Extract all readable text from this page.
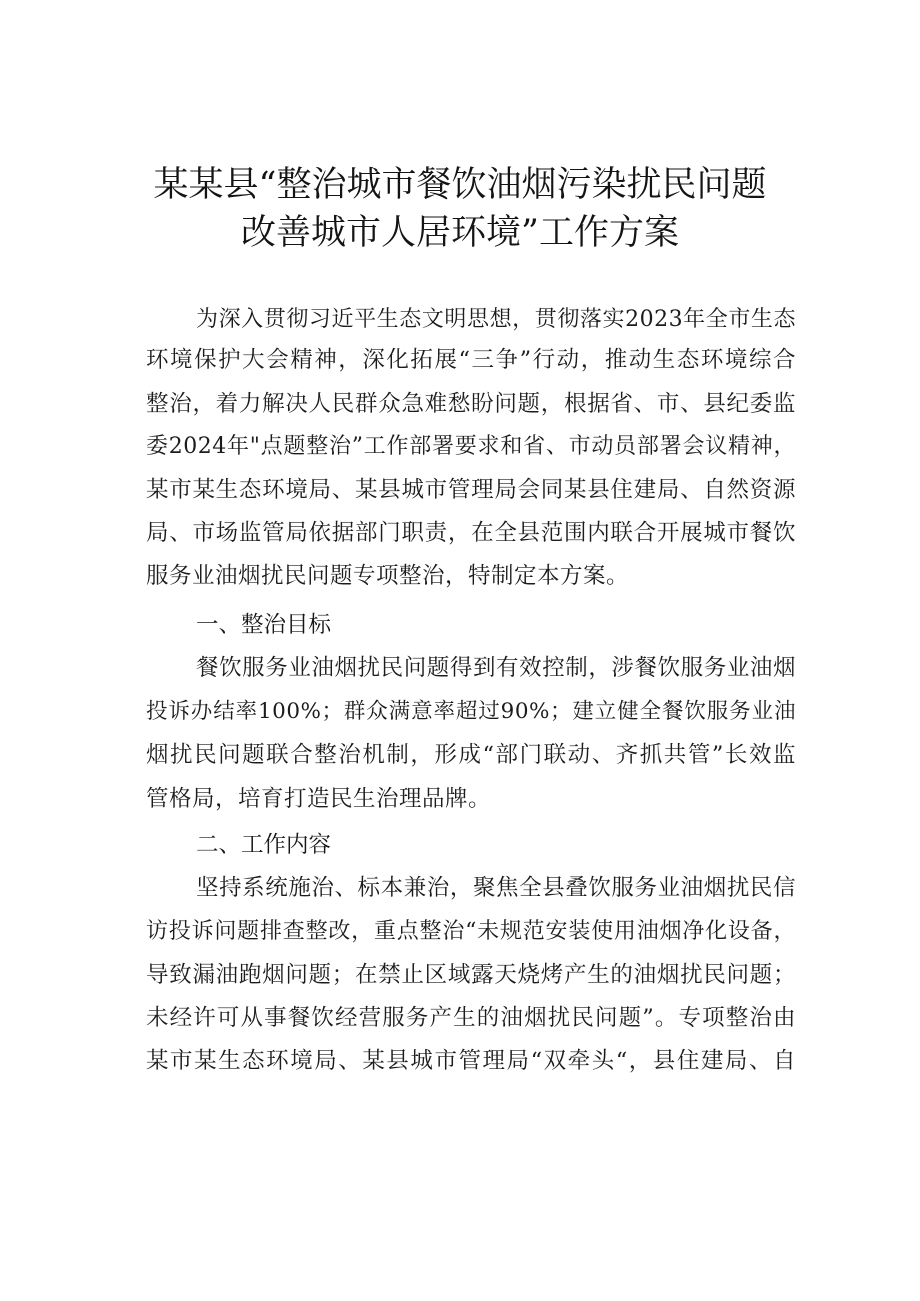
某某县“整治城市餐饮油烟污染扰民问题
改善城市人居环境”工作方案
为深入贯彻习近平生态文明思想，贯彻落实2023年全市生态
环境保护大会精神，深化拓展“三争”行动，推动生态环境综合
整治，着力解决人民群众急难愁盼问题，根据省、市、县纪委监
委2024年"点题整治”工作部署要求和省、市动员部署会议精神，
某市某生态环境局、某县城市管理局会同某县住建局、自然资源
局、市场监管局依据部门职责，在全县范围内联合开展城市餐饮
服务业油烟扰民问题专项整治，特制定本方案。
一、整治目标
餐饮服务业油烟扰民问题得到有效控制，涉餐饮服务业油烟
投诉办结率100%；群众满意率超过90%；建立健全餐饮服务业油
烟扰民问题联合整治机制，形成“部门联动、齐抓共管”长效监
管格局，培育打造民生治理品牌。
二、工作内容
坚持系统施治、标本兼治，聚焦全县叠饮服务业油烟扰民信
访投诉问题排查整改，重点整治“未规范安装使用油烟净化设备，
导致漏油跑烟问题；在禁止区域露天烧烤产生的油烟扰民问题；
未经许可从事餐饮经营服务产生的油烟扰民问题”。专项整治由
某市某生态环境局、某县城市管理局“双牵头“，县住建局、自
